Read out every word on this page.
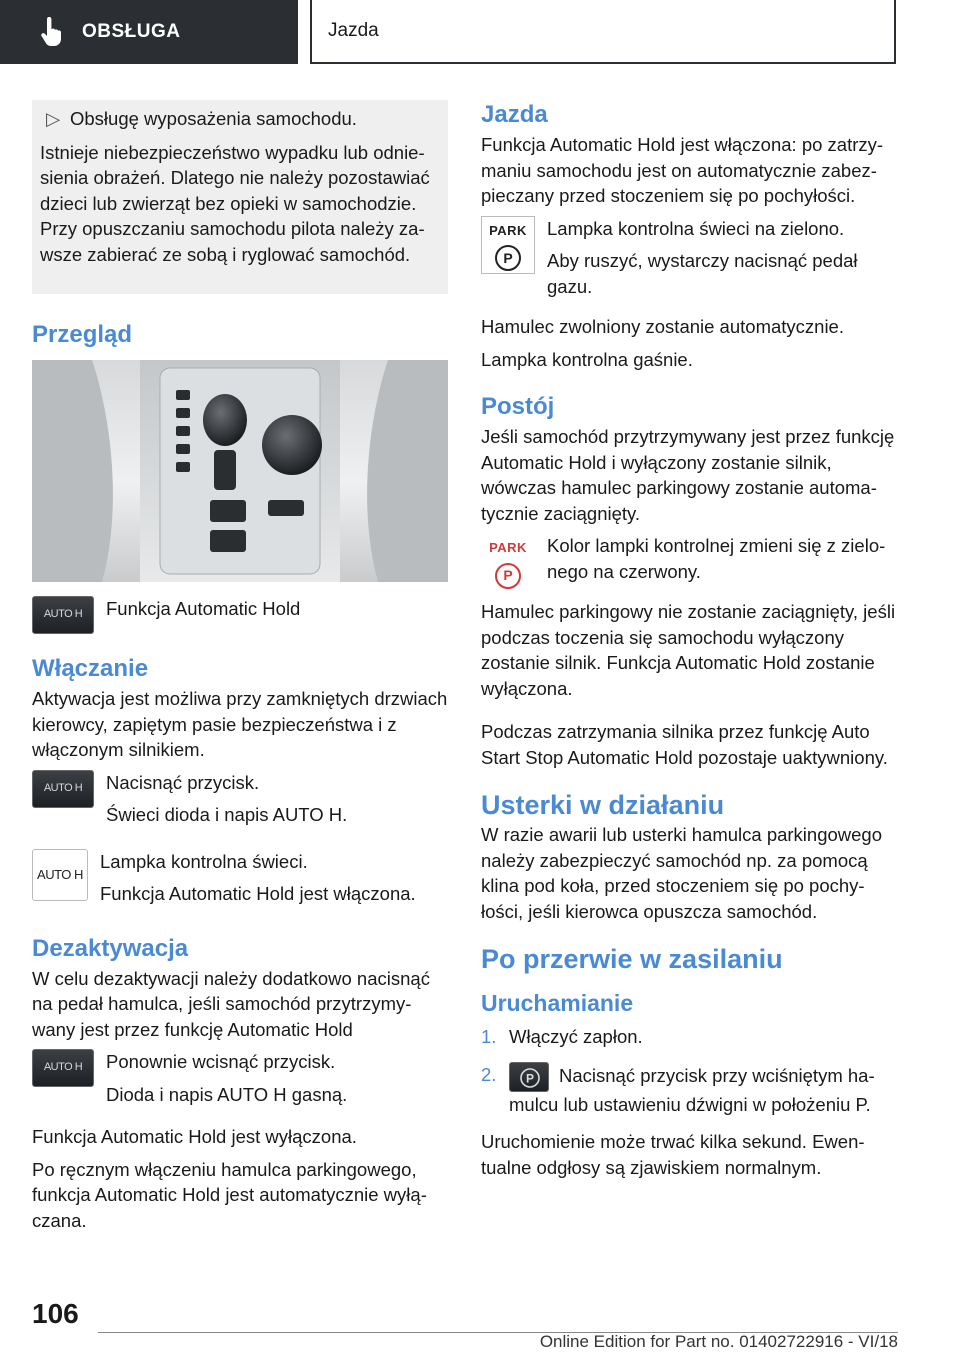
OBSŁUGA	Jazda
▷ Obsługę wyposażenia samochodu.

Istnieje niebezpieczeństwo wypadku lub odniesienia obrażeń. Dlatego nie należy pozostawiać dzieci lub zwierząt bez opieki w samochodzie. Przy opuszczaniu samochodu pilota należy zawsze zabierać ze sobą i ryglować samochód.

Przegląd
AUTO H Funkcja Automatic Hold
Włączanie

Aktywacja jest możliwa przy zamkniętych drzwiach kierowcy, zapiętym pasie bezpieczeństwa i z włączonym silnikiem.

AUTO H Nacisnąć przycisk.

Świeci dioda i napis AUTO H.

AUTO H

Lampka kontrolna świeci.

Funkcja Automatic Hold jest włączona.

Dezaktywacja

W celu dezaktywacji należy dodatkowo nacisnąć na pedał hamulca, jeśli samochód przytrzymywany jest przez funkcję Automatic Hold

AUTO H Ponownie wcisnąć przycisk.

Dioda i napis AUTO H gasną.

Funkcja Automatic Hold jest wyłączona.

Po ręcznym włączeniu hamulca parkingowego, funkcja Automatic Hold jest automatycznie wyłączana.

Jazda

Funkcja Automatic Hold jest włączona: po zatrzymaniu samochodu jest on automatycznie zabezpieczany przed stoczeniem się po pochyłości.

PARK
P

Lampka kontrolna świeci na zielono.

Aby ruszyć, wystarczy nacisnąć pedał gazu.

Hamulec zwolniony zostanie automatycznie.

Lampka kontrolna gaśnie.

Postój

Jeśli samochód przytrzymywany jest przez funkcję Automatic Hold i wyłączony zostanie silnik, wówczas hamulec parkingowy zostanie automatycznie zaciągnięty.

PARK
P

Kolor lampki kontrolnej zmieni się z zielonego na czerwony.

Hamulec parkingowy nie zostanie zaciągnięty, jeśli podczas toczenia się samochodu wyłączony zostanie silnik. Funkcja Automatic Hold zostanie wyłączona.

Podczas zatrzymania silnika przez funkcję Auto Start Stop Automatic Hold pozostaje uaktywniony.

Usterki w działaniu

W razie awarii lub usterki hamulca parkingowego należy zabezpieczyć samochód np. za pomocą klina pod koła, przed stoczeniem się po pochyłości, jeśli kierowca opuszcza samochód.

Po przerwie w zasilaniu
Uruchamianie
1. Włączyć zapłon.
2.	P Nacisnąć przycisk przy wciśniętym hamulcu lub ustawieniu dźwigni w położeniu P.

Uruchomienie może trwać kilka sekund. Ewentualne odgłosy są zjawiskiem normalnym.

106
Online Edition for Part no. 01402722916 - VI/18
